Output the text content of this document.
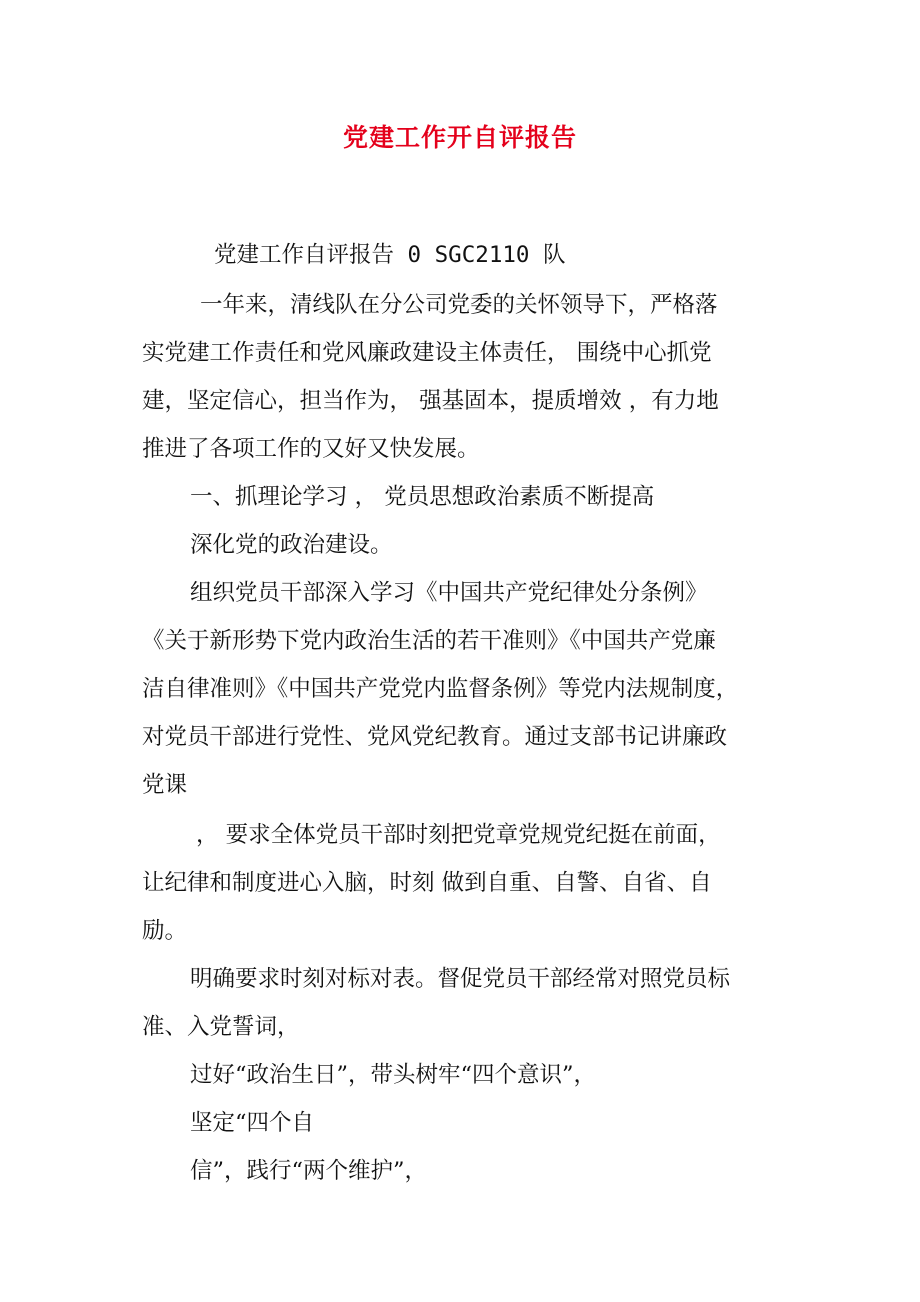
党建工作开自评报告
党建工作自评报告 0 SGC2110 队
一年来，清线队在分公司党委的关怀领导下，严格落
实党建工作责任和党风廉政建设主体责任， 围绕中心抓党
建，坚定信心，担当作为， 强基固本，提质增效 ，有力地
推进了各项工作的又好又快发展。
一、抓理论学习 ， 党员思想政治素质不断提高
深化党的政治建设。
组织党员干部深入学习《中国共产党纪律处分条例》
《关于新形势下党内政治生活的若干准则》《中国共产党廉
洁自律准则》《中国共产党党内监督条例》等党内法规制度，
对党员干部进行党性、党风党纪教育。通过支部书记讲廉政
党课
， 要求全体党员干部时刻把党章党规党纪挺在前面，
让纪律和制度进心入脑，时刻 做到自重、自警、自省、自
励。
明确要求时刻对标对表。督促党员干部经常对照党员标
准、入党誓词，
过好“政治生日”，带头树牢“四个意识”，
坚定“四个自
信”，践行“两个维护”，
